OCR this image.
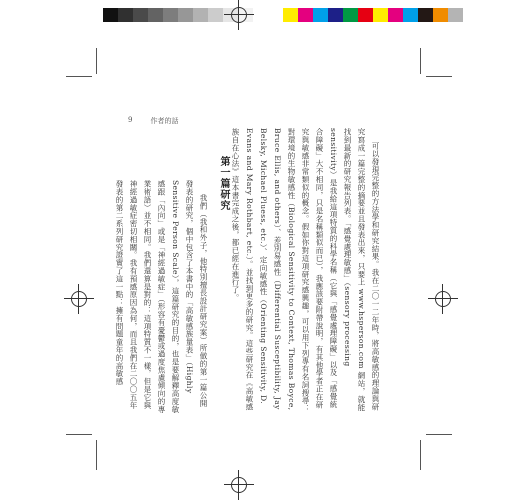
9	作者的話

可以發現完整的方法學和研究結果。我在二〇一二年時，將高敏感的理論與研究寫成一篇完整的摘要並且發表出來，只要上 www.hsperson.com 網站，就能找到最新的研究報告列表。「感覺處理敏感」（sensory processing sensitivity）是我給這項特質的科學名稱（它與「感覺處理障礙」以及「感覺統合障礙」大不相同，只是名稱類似而已），我應該要附帶說明，有其他學者正在研究與敏感非常類似的概念。假如你對這項研究感興趣，可以用下列專有名詞搜尋：對環境的生物敏感性（Biological Sensitivity to Context, Thomas Boyce, Bruce Ellis, and others）、差別易感性（Differential Susceptibility, Jay Belsky, Michael Pluess, etc.）、定向敏感性（Orienting Sensitivity, D. Evans and Mary Rothbart, etc.）。並找到更多的研究。這些研究在《高敏感族自在心法》這本書完成之後，都已經在進行了。

第一篇研究

我們（我和外子，他特別擅長設計研究案）所做的第一篇公開發表的研究，個中包含了本書中的「高敏感族量表」（Highly Sensitive Person Scale），這篇研究的目的，也是要解釋高度敏感跟「內向」或是「神經過敏症」（形容有憂鬱或過度焦慮傾向的專業術語）並不相同。我們還算是對的：這項特質不一樣，但是它與神經過敏症密切相關。我有預感原因為何，而且我們在二〇〇五年發表的第二系列研究證實了這一點：擁有問題童年的高敏感
